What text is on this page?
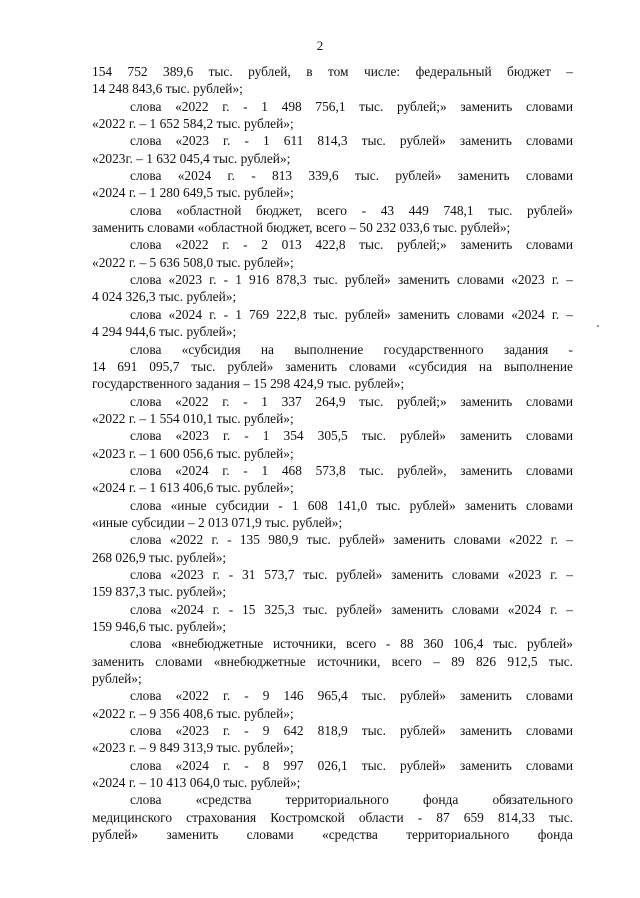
2
154 752 389,6 тыс. рублей, в том числе: федеральный бюджет –
14 248 843,6 тыс. рублей»;
слова «2022 г. - 1 498 756,1 тыс. рублей;» заменить словами
«2022 г. – 1 652 584,2 тыс. рублей»;
слова «2023 г. - 1 611 814,3 тыс. рублей» заменить словами
«2023г. – 1 632 045,4 тыс. рублей»;
слова «2024 г. - 813 339,6 тыс. рублей» заменить словами
«2024 г. – 1 280 649,5 тыс. рублей»;
слова «областной бюджет, всего - 43 449 748,1 тыс. рублей»
заменить словами «областной бюджет, всего – 50 232 033,6 тыс. рублей»;
слова «2022 г. - 2 013 422,8 тыс. рублей;» заменить словами
«2022 г. – 5 636 508,0 тыс. рублей»;
слова «2023 г. - 1 916 878,3 тыс. рублей» заменить словами «2023 г. –
4 024 326,3 тыс. рублей»;
слова «2024 г. - 1 769 222,8 тыс. рублей» заменить словами «2024 г. –
4 294 944,6 тыс. рублей»;
слова «субсидия на выполнение государственного задания -
14 691 095,7 тыс. рублей» заменить словами «субсидия на выполнение
государственного задания – 15 298 424,9 тыс. рублей»;
слова «2022 г. - 1 337 264,9 тыс. рублей;» заменить словами
«2022 г. – 1 554 010,1 тыс. рублей»;
слова «2023 г. - 1 354 305,5 тыс. рублей» заменить словами
«2023 г. – 1 600 056,6 тыс. рублей»;
слова «2024 г. - 1 468 573,8 тыс. рублей», заменить словами
«2024 г. – 1 613 406,6 тыс. рублей»;
слова «иные субсидии - 1 608 141,0 тыс. рублей» заменить словами
«иные субсидии – 2 013 071,9 тыс. рублей»;
слова «2022 г. - 135 980,9 тыс. рублей» заменить словами «2022 г. –
268 026,9 тыс. рублей»;
слова «2023 г. - 31 573,7 тыс. рублей» заменить словами «2023 г. –
159 837,3 тыс. рублей»;
слова «2024 г. - 15 325,3 тыс. рублей» заменить словами «2024 г. –
159 946,6 тыс. рублей»;
слова «внебюджетные источники, всего - 88 360 106,4 тыс. рублей»
заменить словами «внебюджетные источники, всего – 89 826 912,5 тыс.
рублей»;
слова «2022 г. - 9 146 965,4 тыс. рублей» заменить словами
«2022 г. – 9 356 408,6 тыс. рублей»;
слова «2023 г. - 9 642 818,9 тыс. рублей» заменить словами
«2023 г. – 9 849 313,9 тыс. рублей»;
слова «2024 г. - 8 997 026,1 тыс. рублей» заменить словами
«2024 г. – 10 413 064,0 тыс. рублей»;
слова «средства территориального фонда обязательного
медицинского страхования Костромской области - 87 659 814,33 тыс.
рублей» заменить словами «средства территориального фонда
